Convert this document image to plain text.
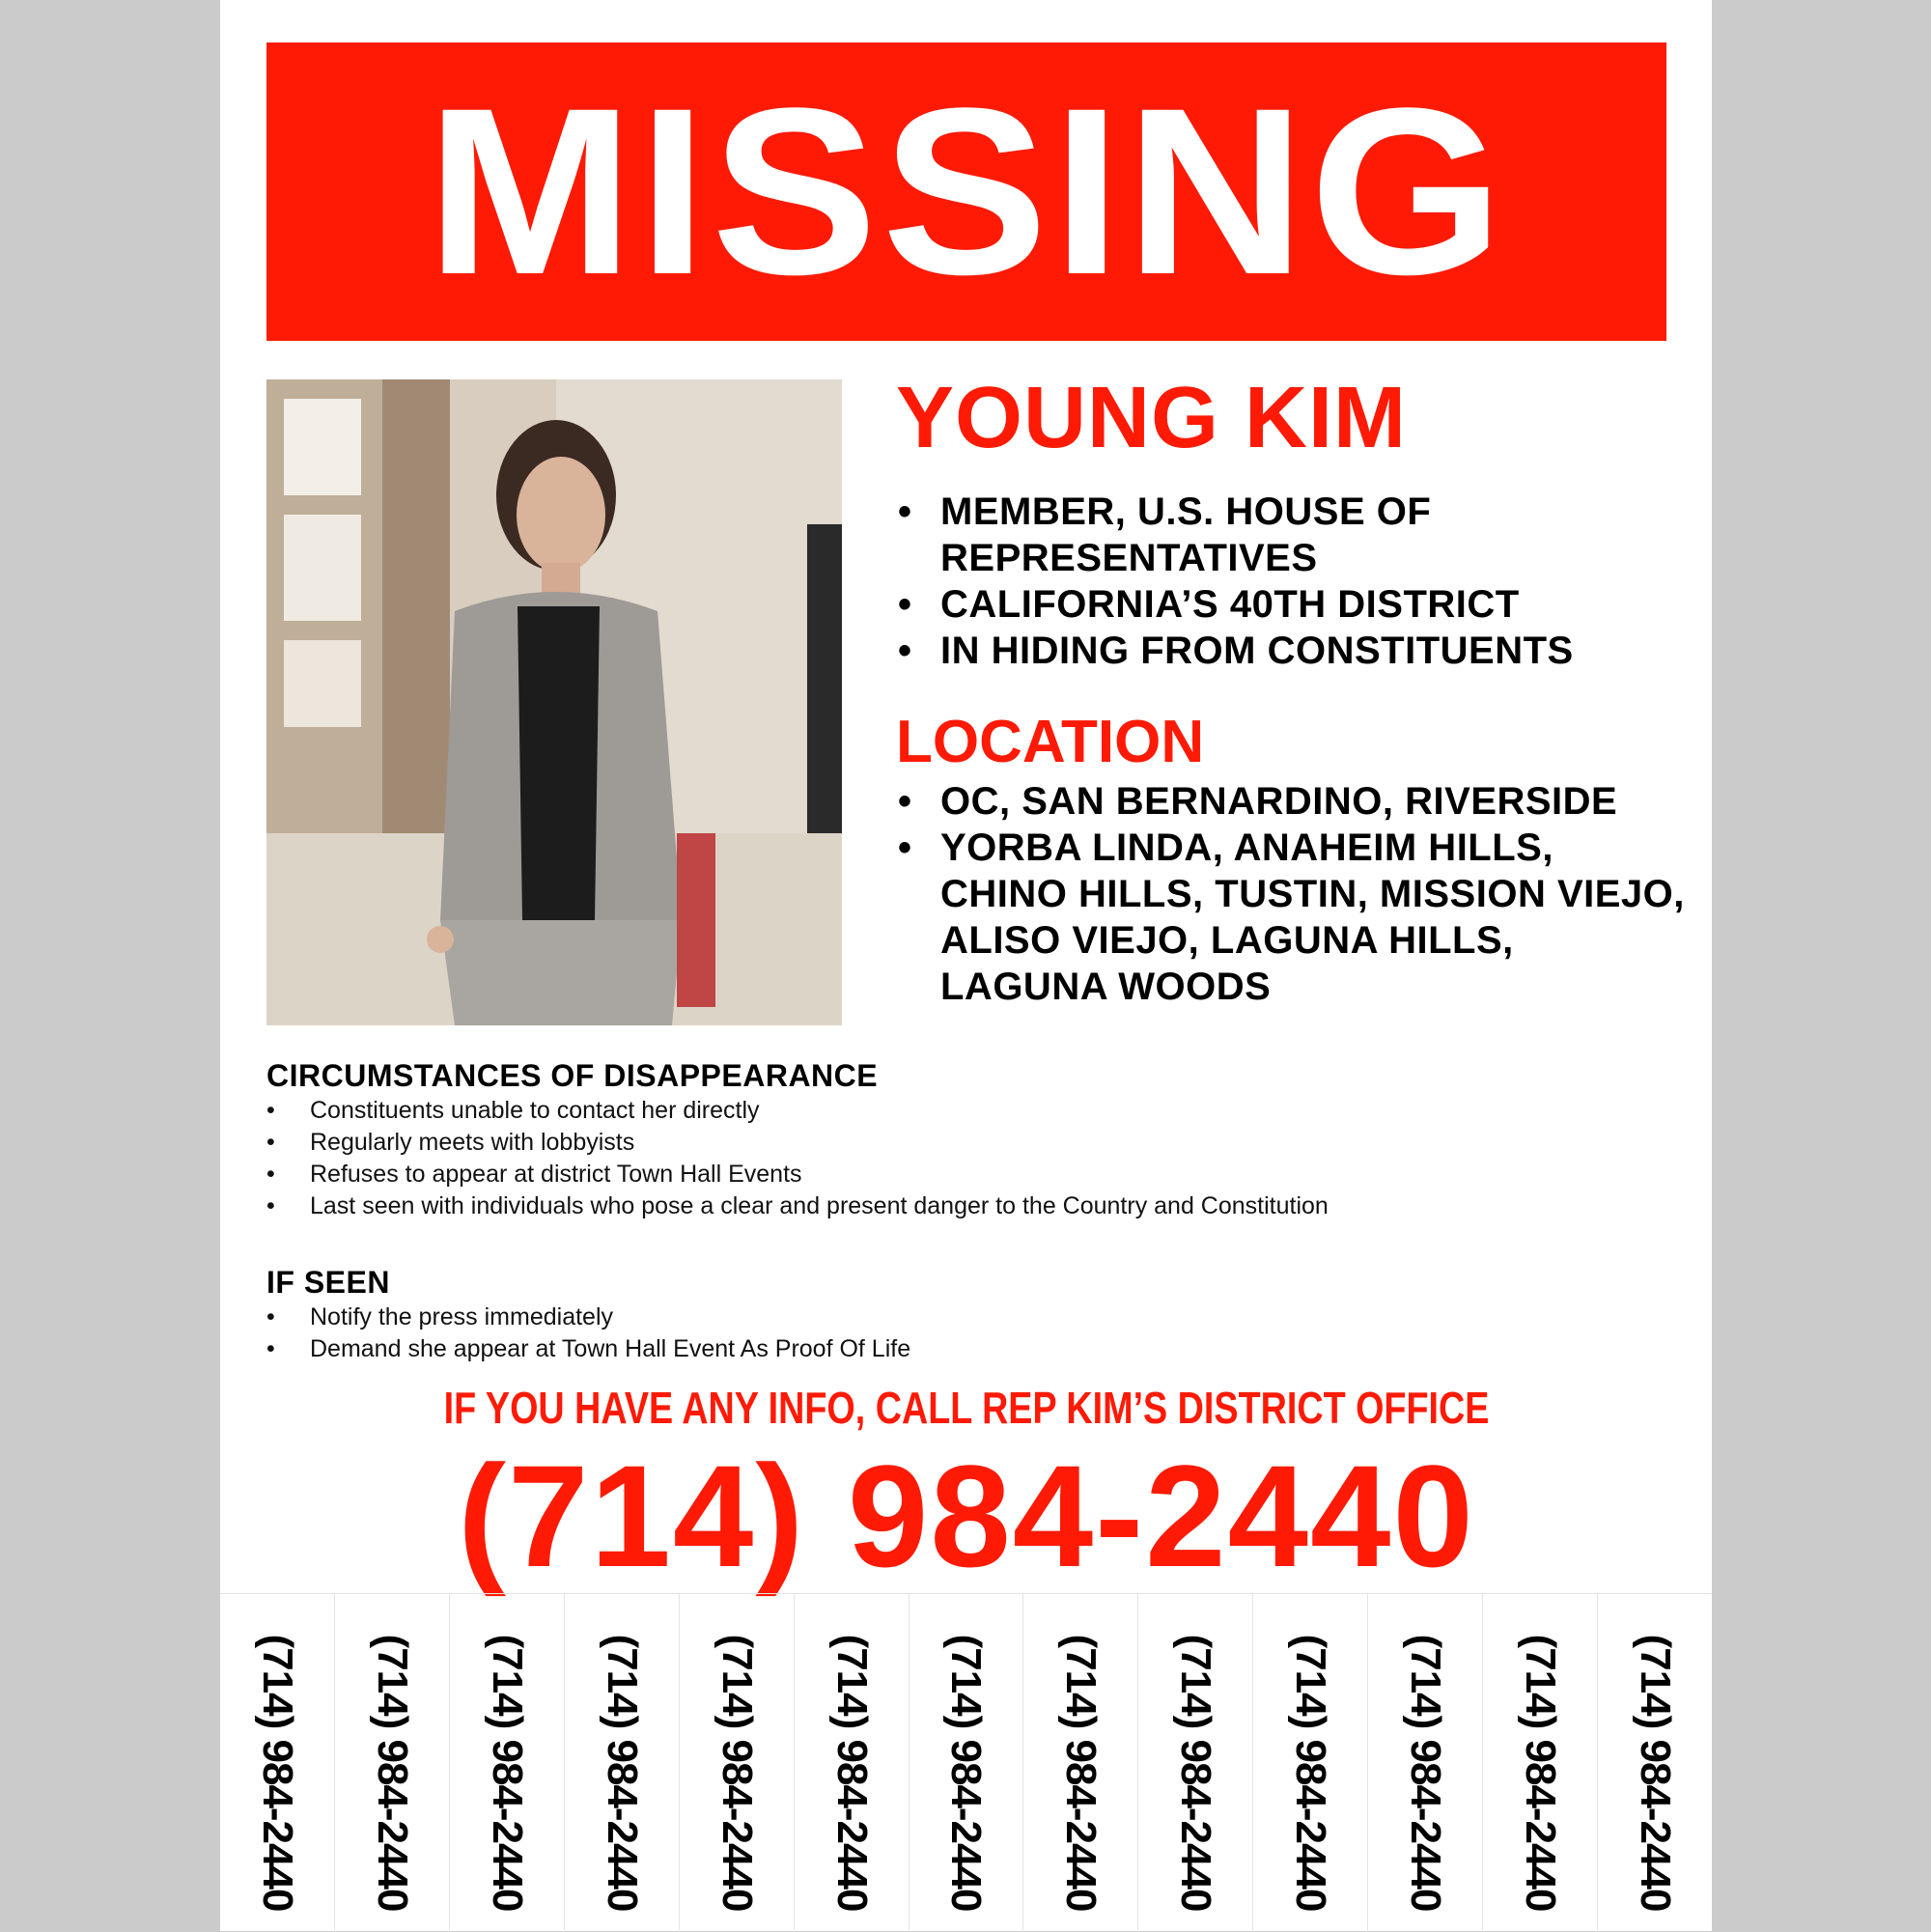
MISSING
YOUNG KIM
• MEMBER, U.S. HOUSE OF REPRESENTATIVES
• CALIFORNIA’S 40TH DISTRICT
• IN HIDING FROM CONSTITUENTS
LOCATION
• OC, SAN BERNARDINO, RIVERSIDE
• YORBA LINDA, ANAHEIM HILLS, CHINO HILLS, TUSTIN, MISSION VIEJO, ALISO VIEJO, LAGUNA HILLS, LAGUNA WOODS
CIRCUMSTANCES OF DISAPPEARANCE
• Constituents unable to contact her directly
• Regularly meets with lobbyists
• Refuses to appear at district Town Hall Events
• Last seen with individuals who pose a clear and present danger to the Country and Constitution
IF SEEN
• Notify the press immediately
• Demand she appear at Town Hall Event As Proof Of Life
IF YOU HAVE ANY INFO, CALL REP KIM’S DISTRICT OFFICE
(714) 984-2440
(714) 984-2440 (714) 984-2440 (714) 984-2440 (714) 984-2440 (714) 984-2440 (714) 984-2440 (714) 984-2440 (714) 984-2440 (714) 984-2440 (714) 984-2440 (714) 984-2440 (714) 984-2440 (714) 984-2440
